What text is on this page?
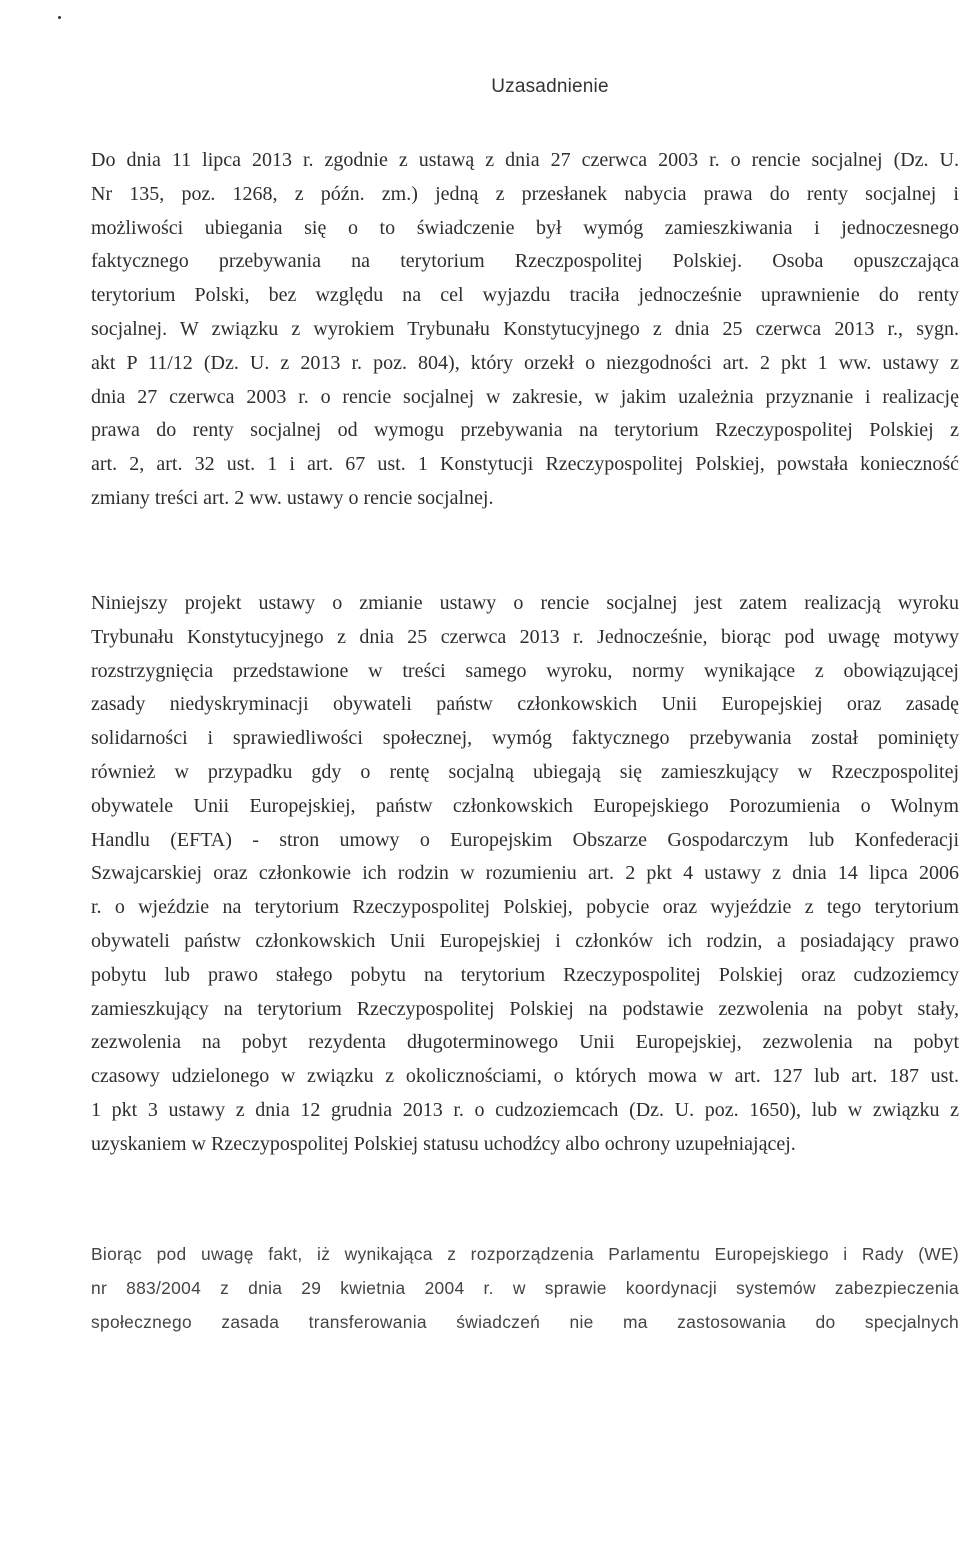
Uzasadnienie
Do dnia 11 lipca 2013 r. zgodnie z ustawą z dnia 27 czerwca 2003 r. o rencie socjalnej (Dz. U.
Nr 135, poz. 1268, z późn. zm.) jedną z przesłanek nabycia prawa do renty socjalnej i
możliwości ubiegania się o to świadczenie był wymóg zamieszkiwania i jednoczesnego
faktycznego przebywania na terytorium Rzeczpospolitej Polskiej. Osoba opuszczająca
terytorium Polski, bez względu na cel wyjazdu traciła jednocześnie uprawnienie do renty
socjalnej. W związku z wyrokiem Trybunału Konstytucyjnego z dnia 25 czerwca 2013 r., sygn.
akt P 11/12 (Dz. U. z 2013 r. poz. 804), który orzekł o niezgodności art. 2 pkt 1 ww. ustawy z
dnia 27 czerwca 2003 r. o rencie socjalnej w zakresie, w jakim uzależnia przyznanie i realizację
prawa do renty socjalnej od wymogu przebywania na terytorium Rzeczypospolitej Polskiej z
art. 2, art. 32 ust. 1 i art. 67 ust. 1 Konstytucji Rzeczypospolitej Polskiej, powstała konieczność
zmiany treści art. 2 ww. ustawy o rencie socjalnej.
Niniejszy projekt ustawy o zmianie ustawy o rencie socjalnej jest zatem realizacją wyroku
Trybunału Konstytucyjnego z dnia 25 czerwca 2013 r. Jednocześnie, biorąc pod uwagę motywy
rozstrzygnięcia przedstawione w treści samego wyroku, normy wynikające z obowiązującej
zasady niedyskryminacji obywateli państw członkowskich Unii Europejskiej oraz zasadę
solidarności i sprawiedliwości społecznej, wymóg faktycznego przebywania został pominięty
również w przypadku gdy o rentę socjalną ubiegają się zamieszkujący w Rzeczpospolitej
obywatele Unii Europejskiej, państw członkowskich Europejskiego Porozumienia o Wolnym
Handlu (EFTA) - stron umowy o Europejskim Obszarze Gospodarczym lub Konfederacji
Szwajcarskiej oraz członkowie ich rodzin w rozumieniu art. 2 pkt 4 ustawy z dnia 14 lipca 2006
r. o wjeździe na terytorium Rzeczypospolitej Polskiej, pobycie oraz wyjeździe z tego terytorium
obywateli państw członkowskich Unii Europejskiej i członków ich rodzin, a posiadający prawo
pobytu lub prawo stałego pobytu na terytorium Rzeczypospolitej Polskiej oraz cudzoziemcy
zamieszkujący na terytorium Rzeczypospolitej Polskiej na podstawie zezwolenia na pobyt stały,
zezwolenia na pobyt rezydenta długoterminowego Unii Europejskiej, zezwolenia na pobyt
czasowy udzielonego w związku z okolicznościami, o których mowa w art. 127 lub art. 187 ust.
1 pkt 3 ustawy z dnia 12 grudnia 2013 r. o cudzoziemcach (Dz. U. poz. 1650), lub w związku z
uzyskaniem w Rzeczypospolitej Polskiej statusu uchodźcy albo ochrony uzupełniającej.
Biorąc pod uwagę fakt, iż wynikająca z rozporządzenia Parlamentu Europejskiego i Rady (WE)
nr 883/2004 z dnia 29 kwietnia 2004 r. w sprawie koordynacji systemów zabezpieczenia
społecznego zasada transferowania świadczeń nie ma zastosowania do specjalnych
